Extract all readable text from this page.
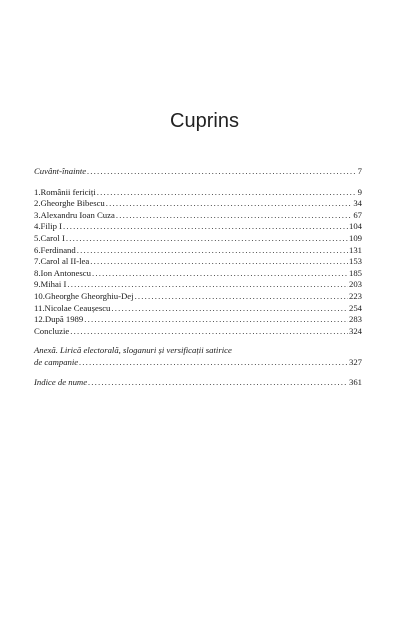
Cuprins
Cuvânt-înainte .....	7
1. Românii fericiți .....	9
2. Gheorghe Bibescu .....	34
3. Alexandru Ioan Cuza .....	67
4. Filip I .....	104
5. Carol I .....	109
6. Ferdinand .....	131
7. Carol al II-lea .....	153
8. Ion Antonescu .....	185
9. Mihai I .....	203
10. Gheorghe Gheorghiu-Dej .....	223
11. Nicolae Ceaușescu .....	254
12. După 1989 .....	283
Concluzie .....	324
Anexă. Lirică electorală, sloganuri și versificații satirice
de campanie .....	327
Indice de nume .....	361
